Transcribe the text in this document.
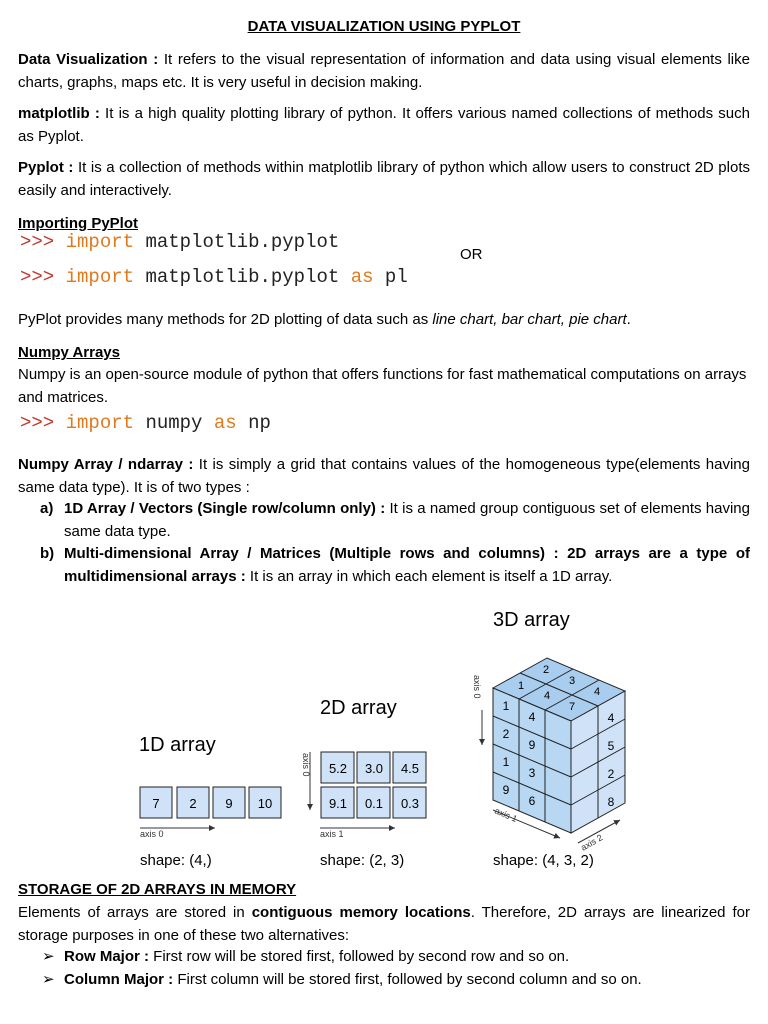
DATA VISUALIZATION USING PYPLOT
Data Visualization : It refers to the visual representation of information and data using visual elements like charts, graphs, maps etc. It is very useful in decision making.
matplotlib : It is a high quality plotting library of python. It offers various named collections of methods such as Pyplot.
Pyplot : It is a collection of methods within matplotlib library of python which allow users to construct 2D plots easily and interactively.
Importing PyPlot
>>> import matplotlib.pyplot
OR
>>> import matplotlib.pyplot as pl
PyPlot provides many methods for 2D plotting of data such as line chart, bar chart, pie chart.
Numpy Arrays
Numpy is an open-source module of python that offers functions for fast mathematical computations on arrays and matrices.
>>> import numpy as np
Numpy Array / ndarray : It is simply a grid that contains values of the homogeneous type(elements having same data type). It is of two types :
a) 1D Array / Vectors (Single row/column only) : It is a named group contiguous set of elements having same data type.
b) Multi-dimensional Array / Matrices (Multiple rows and columns) : 2D arrays are a type of multidimensional arrays : It is an array in which each element is itself a 1D array.
1D array
7 2 9 10
axis 0
shape: (4,)
2D array
5.2 3.0 4.5
9.1 0.1 0.3
axis 0
axis 1
shape: (2, 3)
3D array
1
4
2
9
1
3
9
6
1
2
4
3
7
4
4
5
2
8
axis 0
axis 1
axis 2
shape: (4, 3, 2)
STORAGE OF 2D ARRAYS IN MEMORY
Elements of arrays are stored in contiguous memory locations. Therefore, 2D arrays are linearized for storage purposes in one of these two alternatives:
➢ Row Major : First row will be stored first, followed by second row and so on.
➢ Column Major : First column will be stored first, followed by second column and so on.
